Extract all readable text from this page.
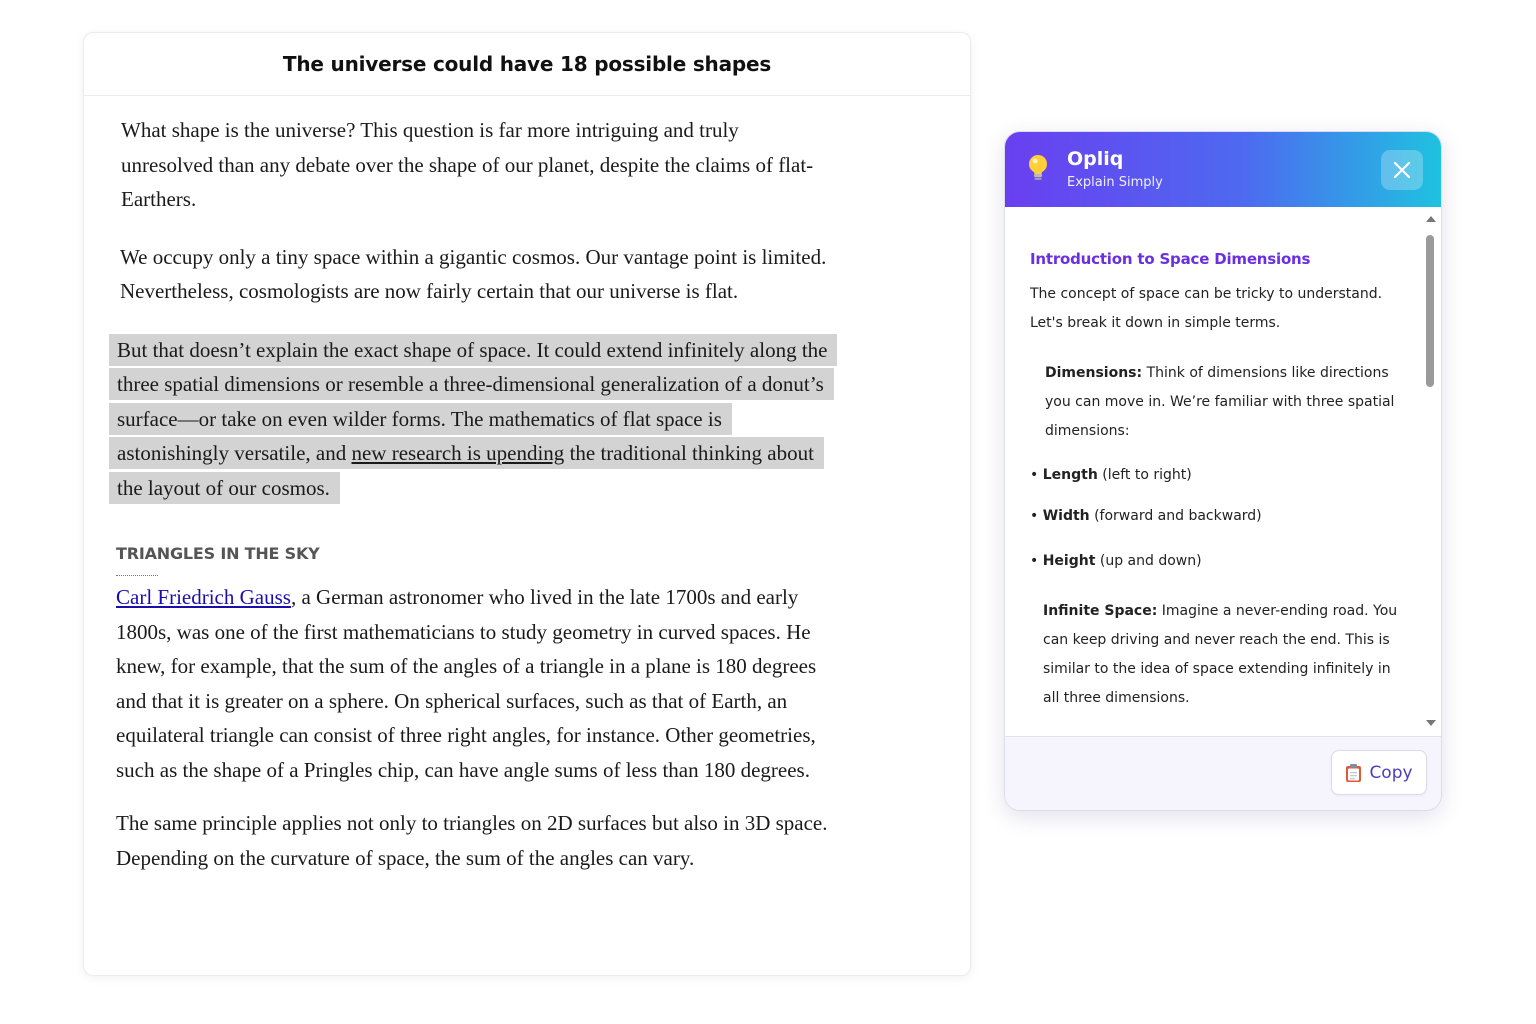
The universe could have 18 possible shapes

What shape is the universe? This question is far more intriguing and truly unresolved than any debate over the shape of our planet, despite the claims of flat-Earthers.

We occupy only a tiny space within a gigantic cosmos. Our vantage point is limited. Nevertheless, cosmologists are now fairly certain that our universe is flat.

But that doesn’t explain the exact shape of space. It could extend infinitely along the three spatial dimensions or resemble a three-dimensional generalization of a donut’s surface—or take on even wilder forms. The mathematics of flat space is astonishingly versatile, and new research is upending the traditional thinking about the layout of our cosmos.

TRIANGLES IN THE SKY

Carl Friedrich Gauss, a German astronomer who lived in the late 1700s and early 1800s, was one of the first mathematicians to study geometry in curved spaces. He knew, for example, that the sum of the angles of a triangle in a plane is 180 degrees and that it is greater on a sphere. On spherical surfaces, such as that of Earth, an equilateral triangle can consist of three right angles, for instance. Other geometries, such as the shape of a Pringles chip, can have angle sums of less than 180 degrees.

The same principle applies not only to triangles on 2D surfaces but also in 3D space. Depending on the curvature of space, the sum of the angles can vary.

Opliq
Explain Simply
Introduction to Space Dimensions
The concept of space can be tricky to understand. Let's break it down in simple terms.
Dimensions: Think of dimensions like directions you can move in. We’re familiar with three spatial dimensions:
• Length (left to right)
• Width (forward and backward)
• Height (up and down)
Infinite Space: Imagine a never-ending road. You can keep driving and never reach the end. This is similar to the idea of space extending infinitely in all three dimensions.
Copy
